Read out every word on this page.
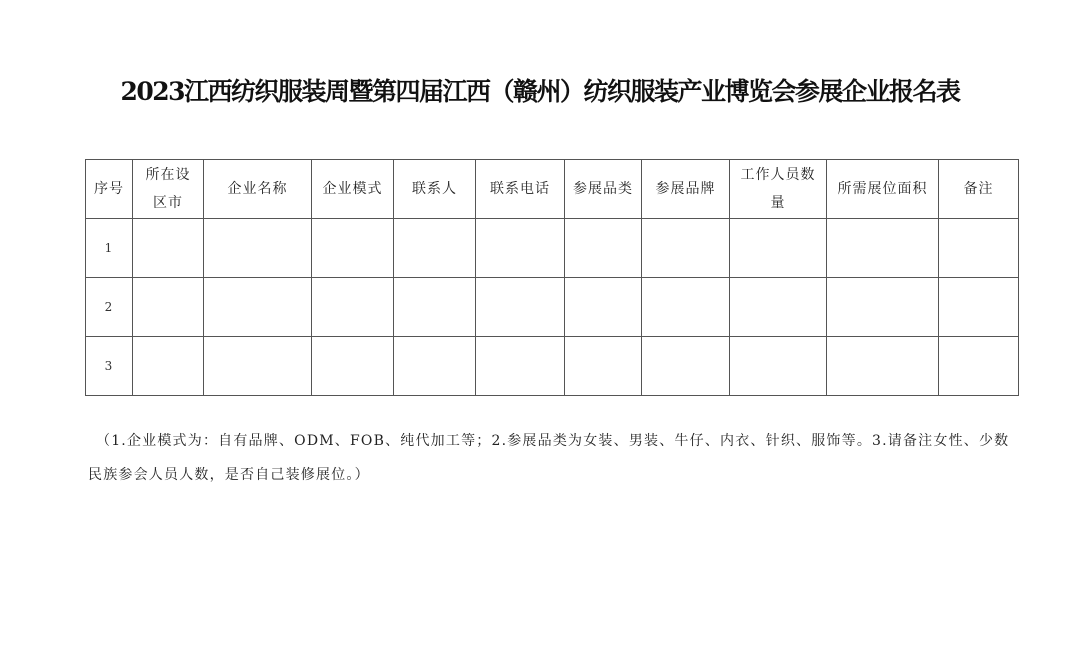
2023江西纺织服装周暨第四届江西（赣州）纺织服装产业博览会参展企业报名表
序号	所在设区市	企业名称	企业模式	联系人	联系电话	参展品类	参展品牌	工作人员数量	所需展位面积	备注
1										
2										
3										
（1.企业模式为：自有品牌、ODM、FOB、纯代加工等；2.参展品类为女装、男装、牛仔、内衣、针织、服饰等。3.请备注女性、少数民族参会人员人数，是否自己装修展位。）
